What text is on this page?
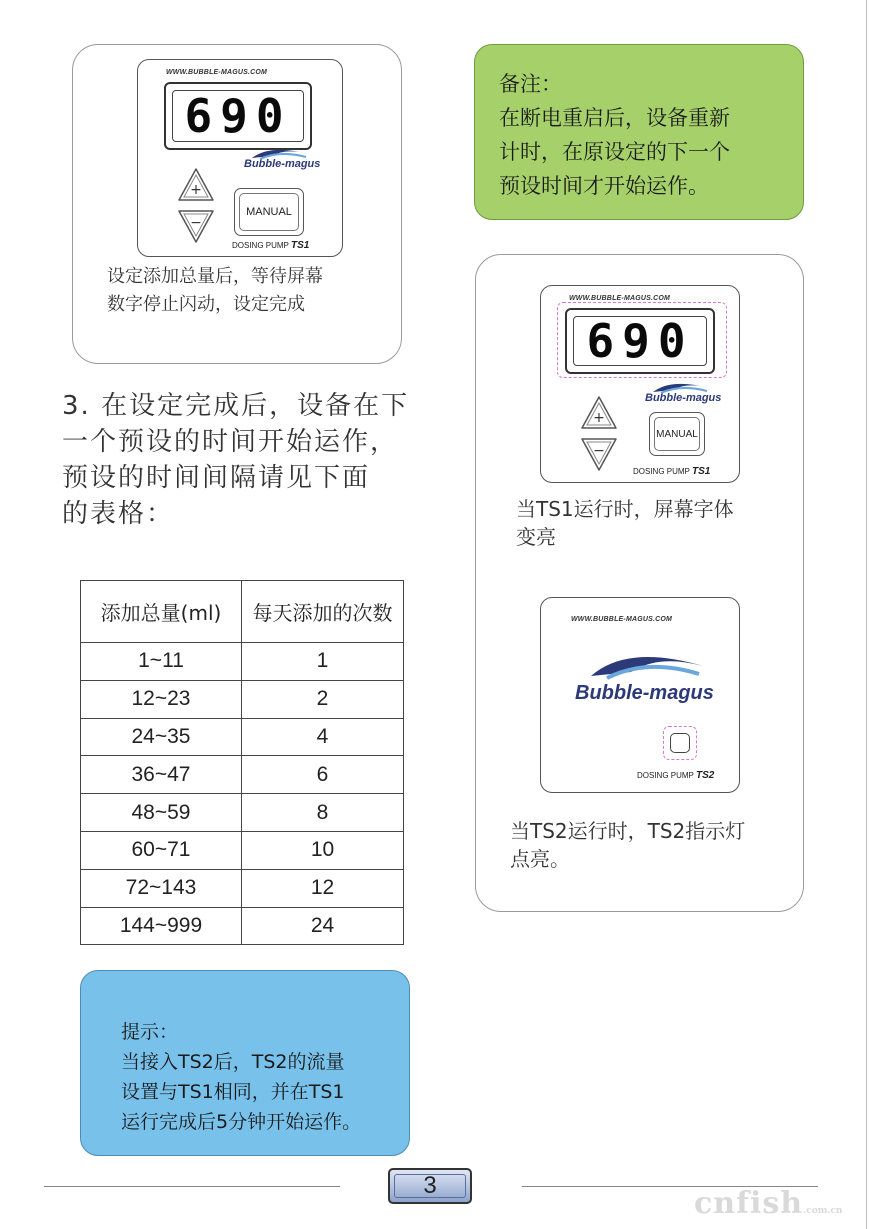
WWW.BUBBLE-MAGUS.COM
690
Bubble-magus
+
−
MANUAL
DOSING PUMP TS1
设定添加总量后，等待屏幕
数字停止闪动，设定完成
3. 在设定完成后，设备在下
一个预设的时间开始运作，
预设的时间间隔请见下面
的表格：
添加总量(ml)	每天添加的次数
1~11	1
12~23	2
24~35	4
36~47	6
48~59	8
60~71	10
72~143	12
144~999	24
备注：
在断电重启后，设备重新
计时，在原设定的下一个
预设时间才开始运作。
WWW.BUBBLE-MAGUS.COM
690
Bubble-magus
+
−
MANUAL
DOSING PUMP TS1
当TS1运行时，屏幕字体
变亮
WWW.BUBBLE-MAGUS.COM
Bubble-magus
DOSING PUMP TS2
当TS2运行时，TS2指示灯
点亮。
提示：
当接入TS2后，TS2的流量
设置与TS1相同，并在TS1
运行完成后5分钟开始运作。
3
cnfish.com.cn
